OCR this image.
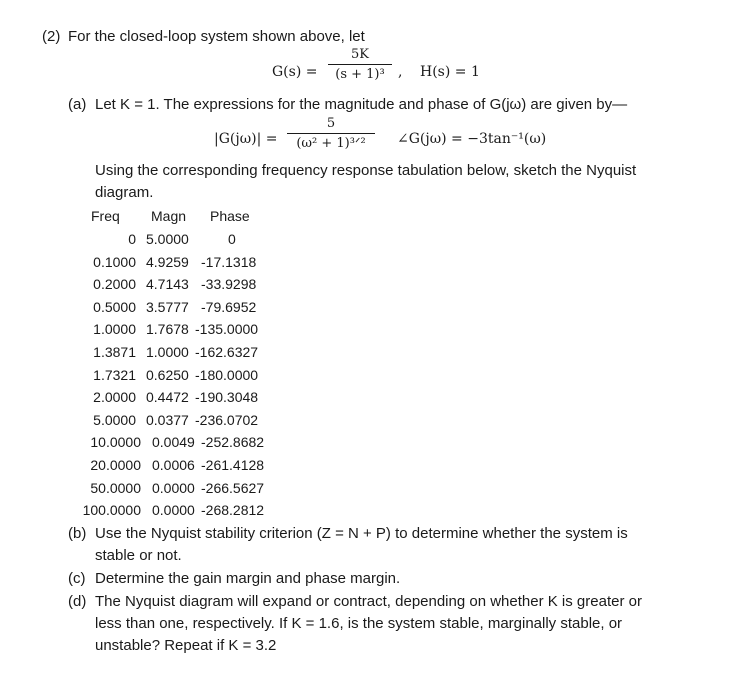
(2) For the closed-loop system shown above, let
G(s) =
5K
(s + 1)³ , H(s) = 1
(a) Let K = 1. The expressions for the magnitude and phase of G(jω) are given by—
|G(jω)| =
5
(ω² + 1)³ᐟ²	∠G(jω) = −3tan⁻¹(ω)
Using the corresponding frequency response tabulation below, sketch the Nyquist
diagram.
Freq Magn Phase
0 5.0000	0
0.1000 4.9259 -17.1318
0.2000 4.7143 -33.9298
0.5000 3.5777 -79.6952
1.0000 1.7678 -135.0000
1.3871 1.0000 -162.6327
1.7321 0.6250 -180.0000
2.0000 0.4472 -190.3048
5.0000 0.0377 -236.0702
10.0000 0.0049 -252.8682
20.0000 0.0006 -261.4128
50.0000 0.0000 -266.5627
100.0000 0.0000 -268.2812
(b) Use the Nyquist stability criterion (Z = N + P) to determine whether the system is
stable or not.
(c) Determine the gain margin and phase margin.
(d) The Nyquist diagram will expand or contract, depending on whether K is greater or
less than one, respectively. If K = 1.6, is the system stable, marginally stable, or
unstable? Repeat if K = 3.2
